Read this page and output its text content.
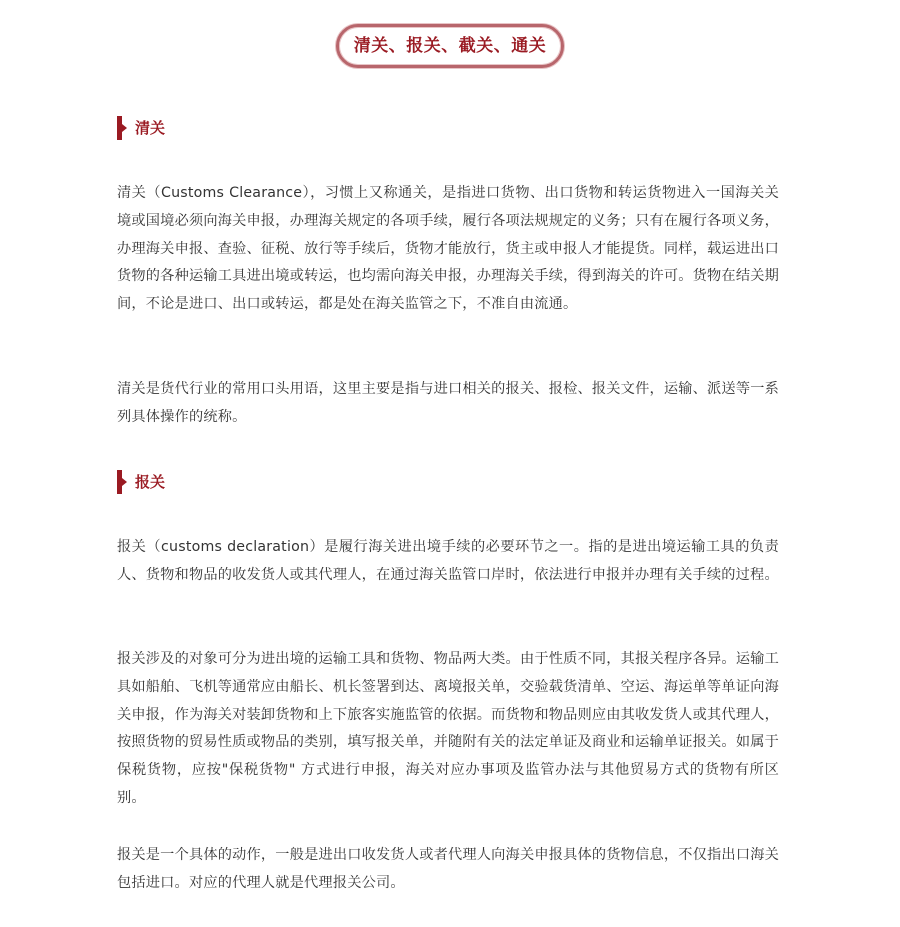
清关、报关、截关、通关
清关

清关（Customs Clearance），习惯上又称通关，是指进口货物、出口货物和转运货物进入一国海关关境或国境必须向海关申报，办理海关规定的各项手续，履行各项法规规定的义务；只有在履行各项义务，办理海关申报、查验、征税、放行等手续后，货物才能放行，货主或申报人才能提货。同样，载运进出口货物的各种运输工具进出境或转运，也均需向海关申报，办理海关手续，得到海关的许可。货物在结关期间，不论是进口、出口或转运，都是处在海关监管之下，不准自由流通。

清关是货代行业的常用口头用语，这里主要是指与进口相关的报关、报检、报关文件，运输、派送等一系列具体操作的统称。

报关

报关（customs declaration）是履行海关进出境手续的必要环节之一。指的是进出境运输工具的负责人、货物和物品的收发货人或其代理人，在通过海关监管口岸时，依法进行申报并办理有关手续的过程。

报关涉及的对象可分为进出境的运输工具和货物、物品两大类。由于性质不同，其报关程序各异。运输工具如船舶、飞机等通常应由船长、机长签署到达、离境报关单，交验载货清单、空运、海运单等单证向海关申报，作为海关对装卸货物和上下旅客实施监管的依据。而货物和物品则应由其收发货人或其代理人，按照货物的贸易性质或物品的类别，填写报关单，并随附有关的法定单证及商业和运输单证报关。如属于保税货物，应按"保税货物" 方式进行申报，海关对应办事项及监管办法与其他贸易方式的货物有所区别。

报关是一个具体的动作，一般是进出口收发货人或者代理人向海关申报具体的货物信息，不仅指出口海关包括进口。对应的代理人就是代理报关公司。
